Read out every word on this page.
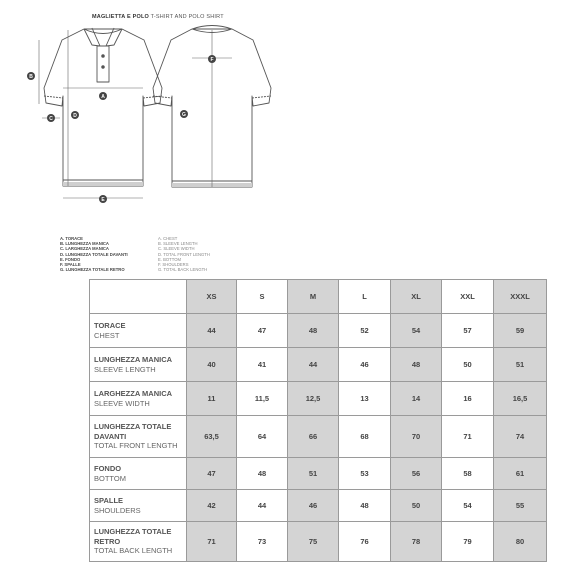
MAGLIETTA E POLO T-SHIRT AND POLO SHIRT
A
B
C	D
E
F
G
A. TORACE
B. LUNGHEZZA MANICA
C. LARGHEZZA MANICA
D. LUNGHEZZA TOTALE DAVANTI
E. FONDO
F. SPALLE
G. LUNGHEZZA TOTALE RETRO
A. CHEST
B. SLEEVE LENGTH
C. SLEEVE WIDTH
D. TOTAL FRONT LENGTH
E. BOTTOM
F. SHOULDERS
G. TOTAL BACK LENGTH
	XS	S	M	L	XL	XXL	XXXL

TORACE
CHEST	44	47	48	52	54	57	59

LUNGHEZZA MANICA
SLEEVE LENGTH	40	41	44	46	48	50	51

LARGHEZZA MANICA
SLEEVE WIDTH	11	11,5	12,5	13	14	16	16,5

LUNGHEZZA TOTALE DAVANTI
TOTAL FRONT LENGTH	63,5	64	66	68	70	71	74

FONDO
BOTTOM	47	48	51	53	56	58	61

SPALLE
SHOULDERS	42	44	46	48	50	54	55

LUNGHEZZA TOTALE RETRO
TOTAL BACK LENGTH	71	73	75	76	78	79	80
